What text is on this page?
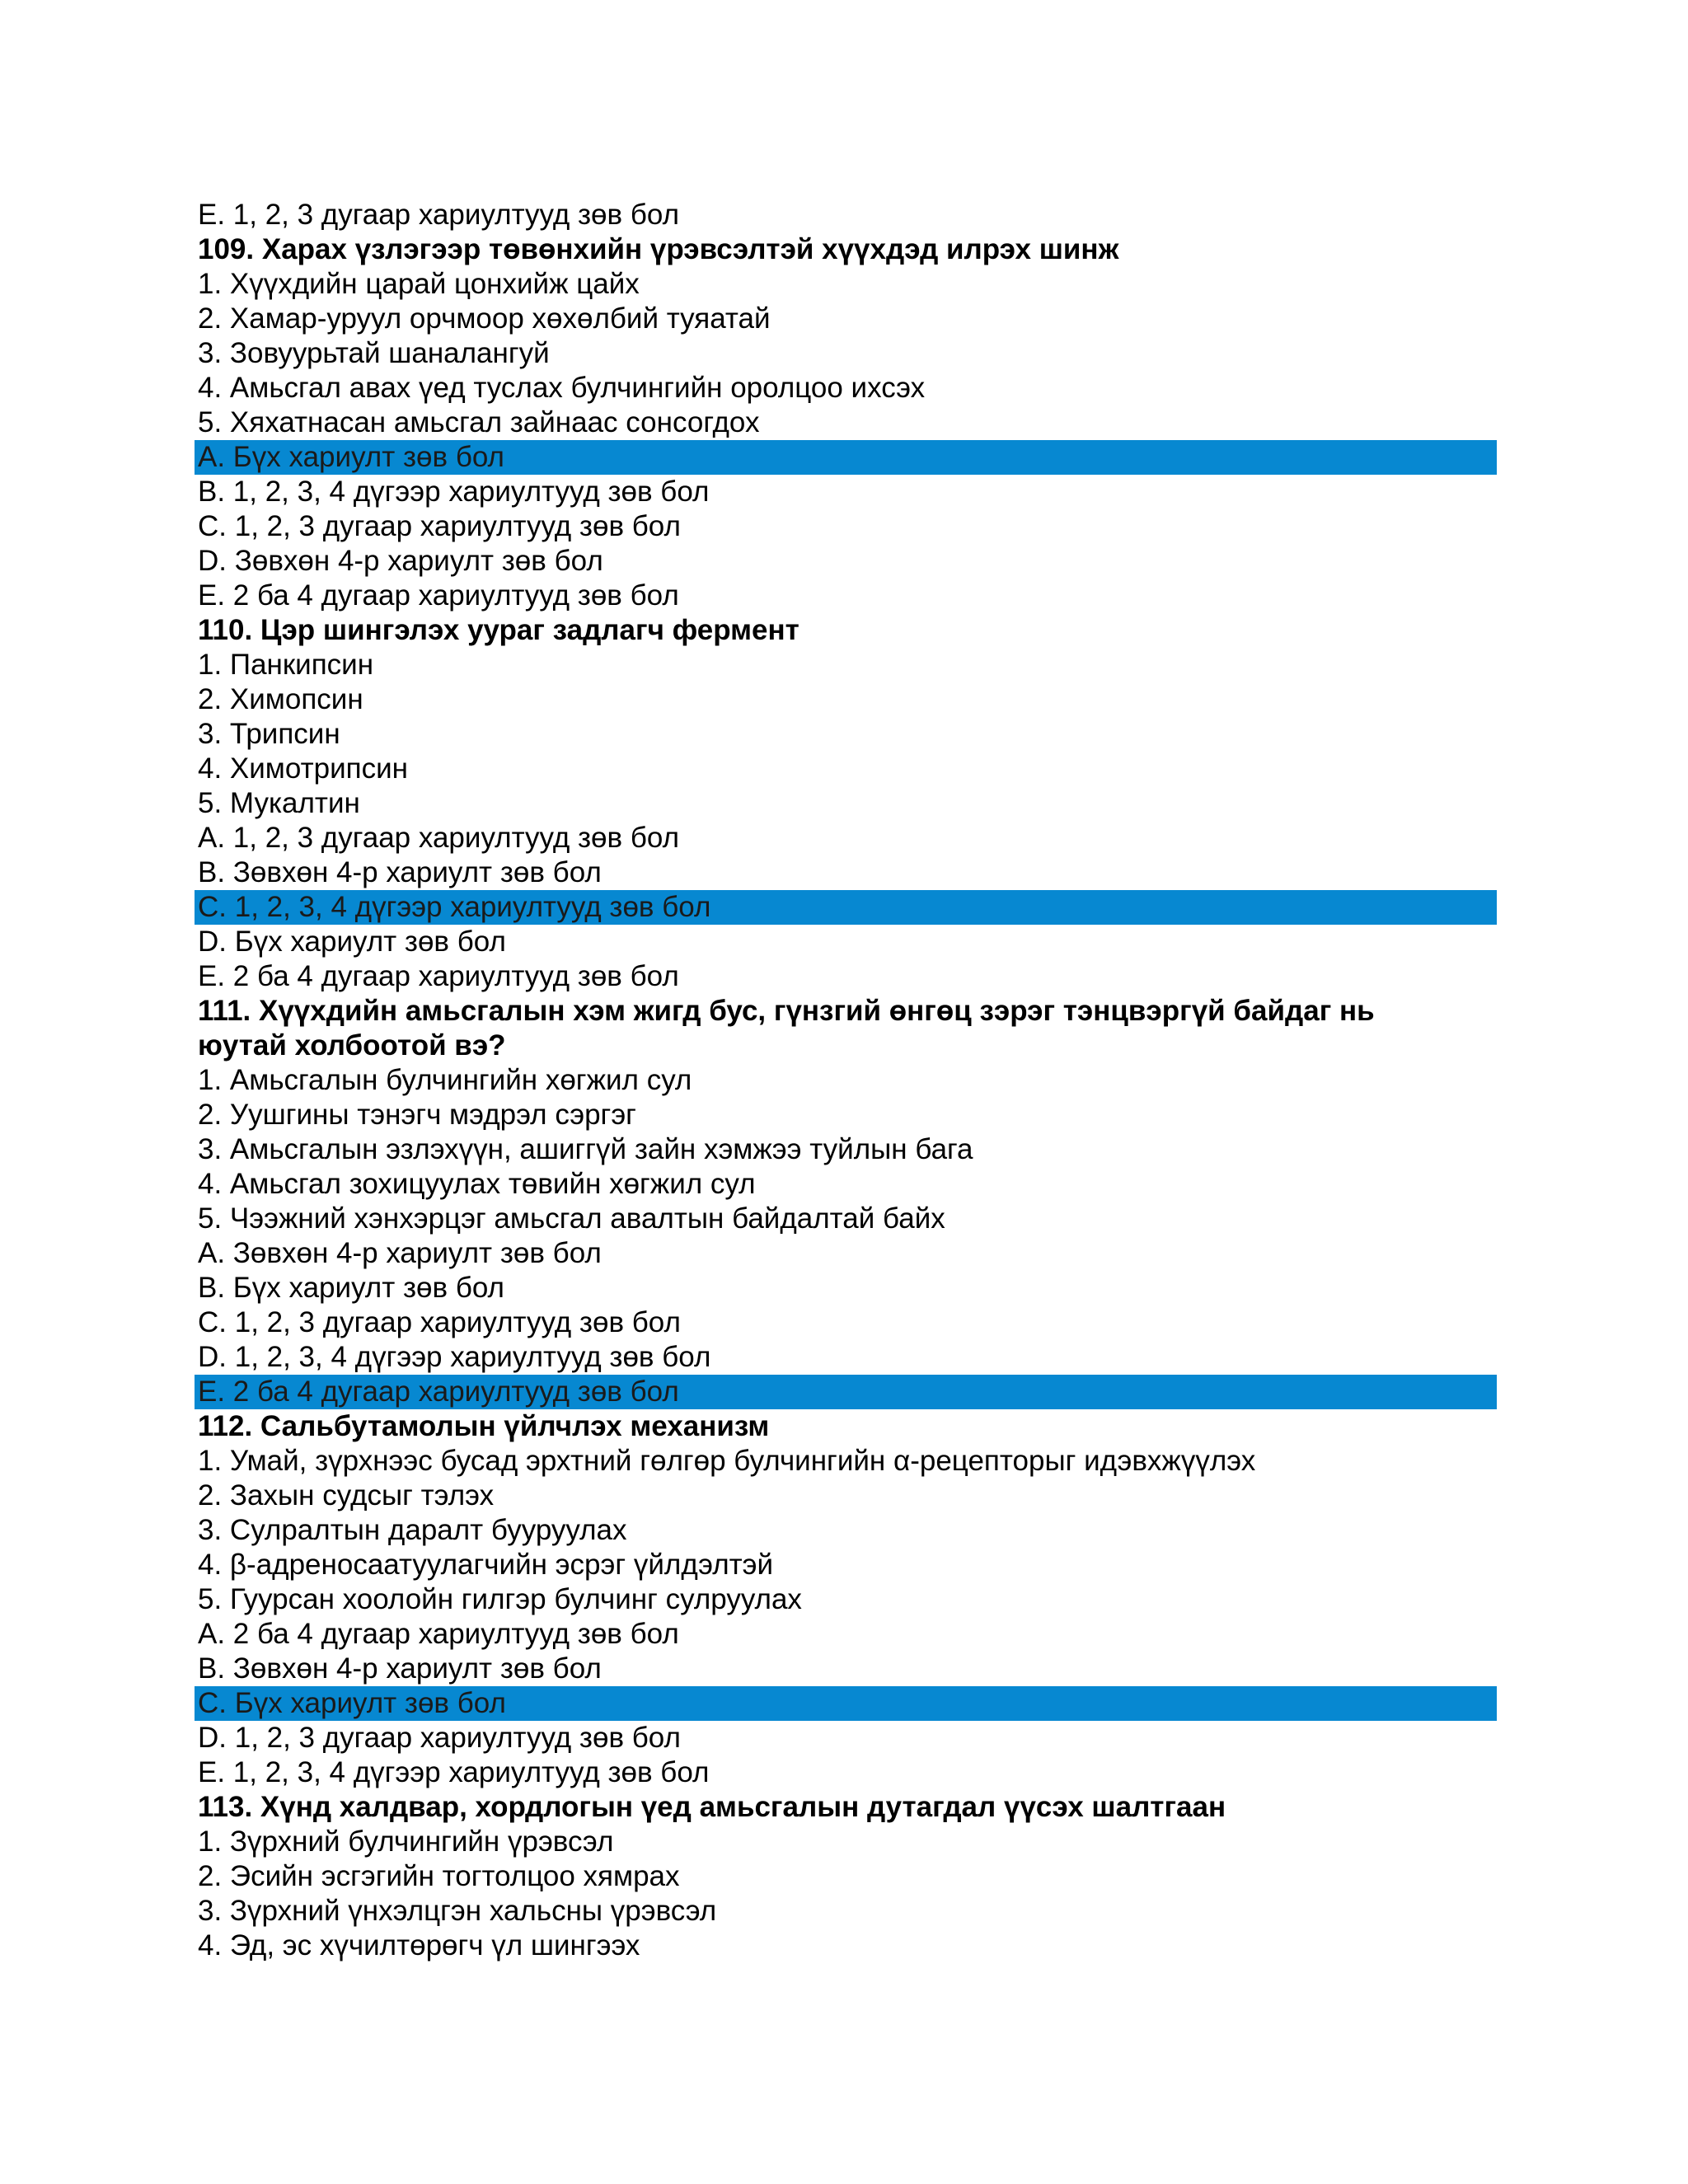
E. 1, 2, 3 дугаар хариултууд зөв бол
109. Харах үзлэгээр төвөнхийн үрэвсэлтэй хүүхдэд илрэх шинж
1. Хүүхдийн царай цонхийж цайх
2. Хамар-уруул орчмоор хөхөлбий туяатай
3. Зовуурьтай шаналангуй
4. Амьсгал авах үед туслах булчингийн оролцоо ихсэх
5. Хяхатнасан амьсгал зайнаас сонсогдох
A. Бүх хариулт зөв бол
B. 1, 2, 3, 4 дүгээр хариултууд зөв бол
C. 1, 2, 3 дугаар хариултууд зөв бол
D. Зөвхөн 4-р хариулт зөв бол
E. 2 ба 4 дугаар хариултууд зөв бол
110. Цэр шингэлэх уураг задлагч фермент
1. Панкипсин
2. Химопсин
3. Трипсин
4. Химотрипсин
5. Мукалтин
A. 1, 2, 3 дугаар хариултууд зөв бол
B. Зөвхөн 4-р хариулт зөв бол
C. 1, 2, 3, 4 дүгээр хариултууд зөв бол
D. Бүх хариулт зөв бол
E. 2 ба 4 дугаар хариултууд зөв бол
111. Хүүхдийн амьсгалын хэм жигд бус, гүнзгий өнгөц зэрэг тэнцвэргүй байдаг нь юутай холбоотой вэ?
1. Амьсгалын булчингийн хөгжил сул
2. Уушгины тэнэгч мэдрэл сэргэг
3. Амьсгалын эзлэхүүн, ашиггүй зайн хэмжээ туйлын бага
4. Амьсгал зохицуулах төвийн хөгжил сул
5. Чээжний хэнхэрцэг амьсгал авалтын байдалтай байх
A. Зөвхөн 4-р хариулт зөв бол
B. Бүх хариулт зөв бол
C. 1, 2, 3 дугаар хариултууд зөв бол
D. 1, 2, 3, 4 дүгээр хариултууд зөв бол
E. 2 ба 4 дугаар хариултууд зөв бол
112. Сальбутамолын үйлчлэх механизм
1. Умай, зүрхнээс бусад эрхтний гөлгөр булчингийн α-рецепторыг идэвхжүүлэх
2. Захын судсыг тэлэх
3. Сулралтын даралт бууруулах
4. β-адреносаатуулагчийн эсрэг үйлдэлтэй
5. Гуурсан хоолойн гилгэр булчинг сулруулах
A. 2 ба 4 дугаар хариултууд зөв бол
B. Зөвхөн 4-р хариулт зөв бол
C. Бүх хариулт зөв бол
D. 1, 2, 3 дугаар хариултууд зөв бол
E. 1, 2, 3, 4 дүгээр хариултууд зөв бол
113. Хүнд халдвар, хордлогын үед амьсгалын дутагдал үүсэх шалтгаан
1. Зүрхний булчингийн үрэвсэл
2. Эсийн эсгэгийн тогтолцоо хямрах
3. Зүрхний үнхэлцгэн хальсны үрэвсэл
4. Эд, эс хүчилтөрөгч үл шингээх
